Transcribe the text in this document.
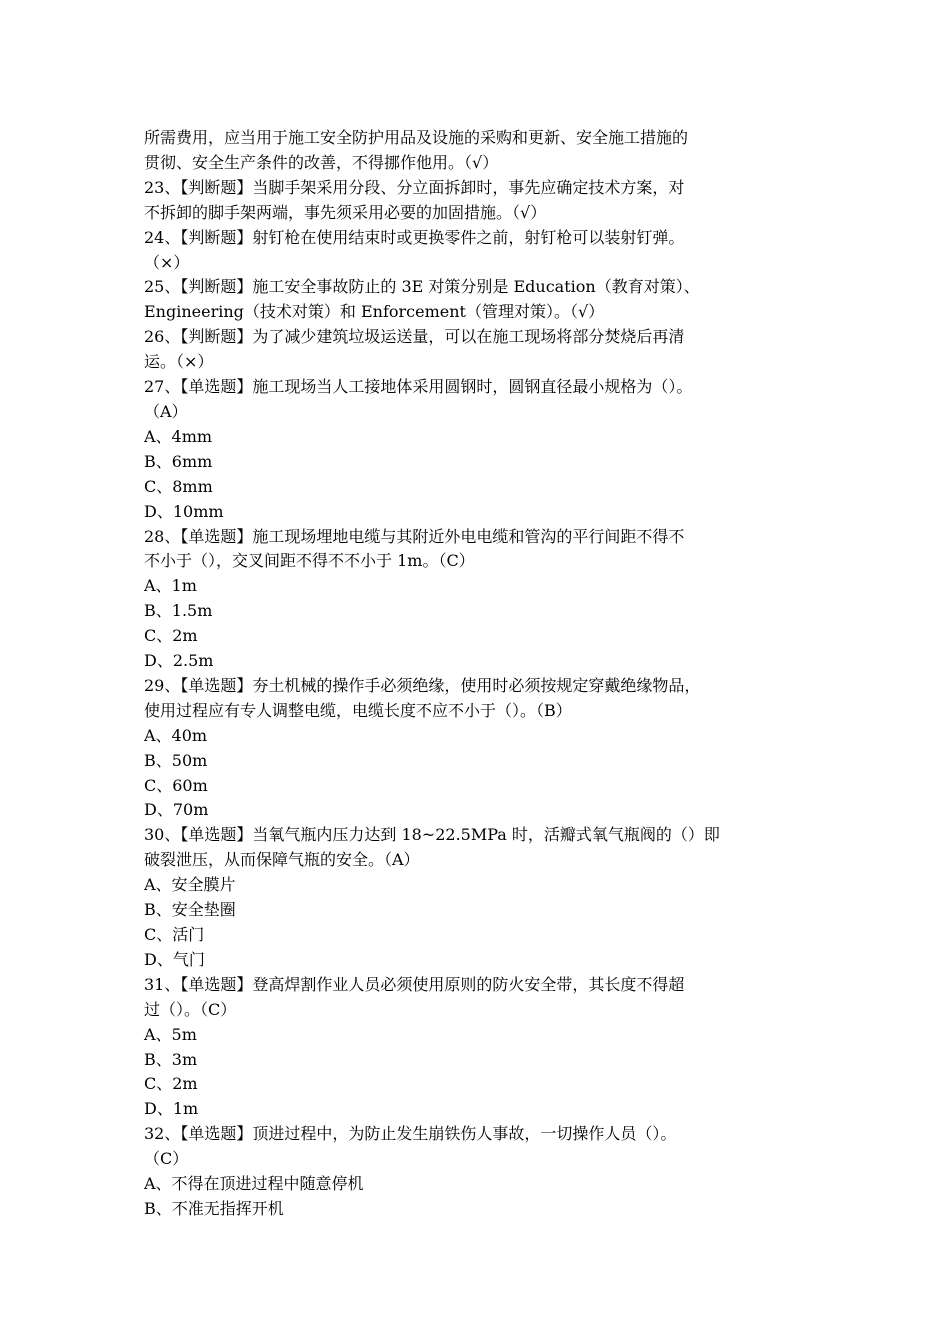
所需费用，应当用于施工安全防护用品及设施的采购和更新、安全施工措施的
贯彻、安全生产条件的改善，不得挪作他用。（√）
23、【判断题】当脚手架采用分段、分立面拆卸时，事先应确定技术方案，对
不拆卸的脚手架两端，事先须采用必要的加固措施。（√）
24、【判断题】射钉枪在使用结束时或更换零件之前，射钉枪可以装射钉弹。
（×）
25、【判断题】施工安全事故防止的 3E 对策分别是 Education（教育对策）、
Engineering（技术对策）和 Enforcement（管理对策）。（√）
26、【判断题】为了减少建筑垃圾运送量，可以在施工现场将部分焚烧后再清
运。（×）
27、【单选题】施工现场当人工接地体采用圆钢时，圆钢直径最小规格为（）。
（A）
A、4mm
B、6mm
C、8mm
D、10mm
28、【单选题】施工现场埋地电缆与其附近外电电缆和管沟的平行间距不得不
不小于（），交叉间距不得不不小于 1m。（C）
A、1m
B、1.5m
C、2m
D、2.5m
29、【单选题】夯土机械的操作手必须绝缘，使用时必须按规定穿戴绝缘物品，
使用过程应有专人调整电缆，电缆长度不应不小于（）。（B）
A、40m
B、50m
C、60m
D、70m
30、【单选题】当氧气瓶内压力达到 18~22.5MPa 时，活瓣式氧气瓶阀的（）即
破裂泄压，从而保障气瓶的安全。（A）
A、安全膜片
B、安全垫圈
C、活门
D、气门
31、【单选题】登高焊割作业人员必须使用原则的防火安全带，其长度不得超
过（）。（C）
A、5m
B、3m
C、2m
D、1m
32、【单选题】顶进过程中，为防止发生崩铁伤人事故，一切操作人员（）。
（C）
A、不得在顶进过程中随意停机
B、不准无指挥开机
